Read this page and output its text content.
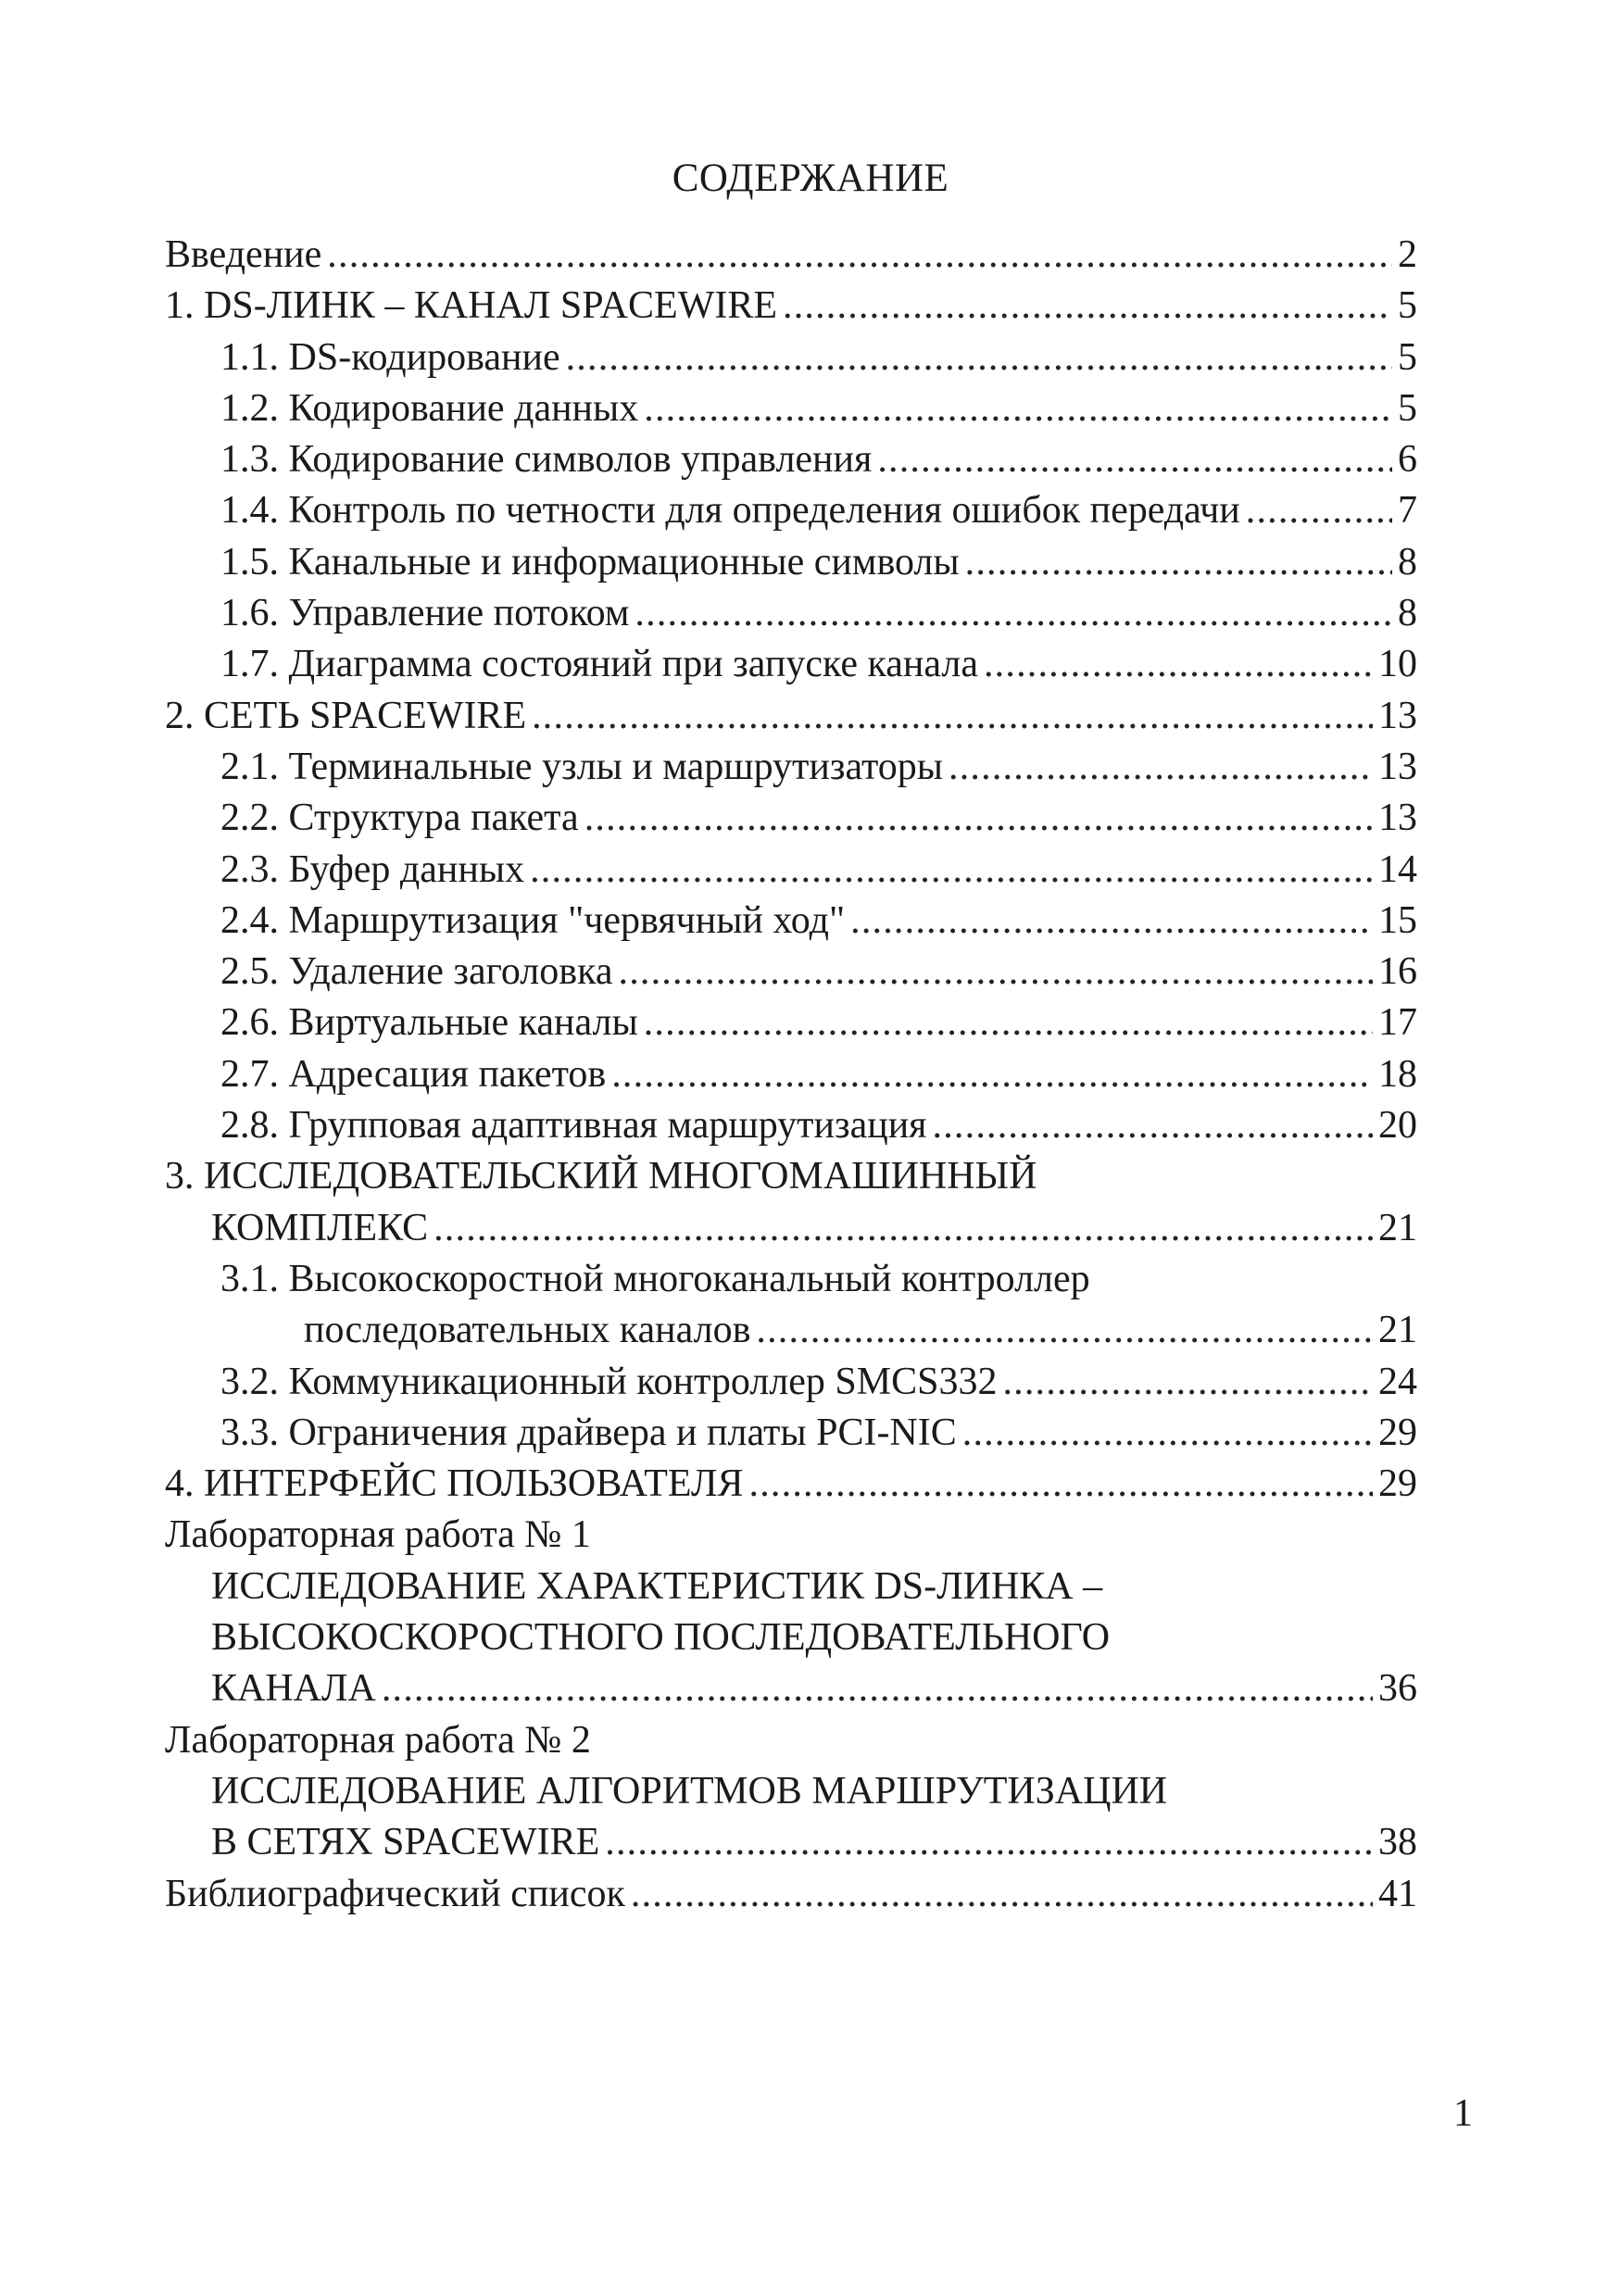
СОДЕРЖАНИЕ
Введение .....	2
1. DS-ЛИНК – КАНАЛ SPACEWIRE .....	5
1.1. DS-кодирование .....	5
1.2. Кодирование данных .....	5
1.3. Кодирование символов управления .....	6
1.4. Контроль по четности для определения ошибок передачи .....	7
1.5. Канальные и информационные символы .....	8
1.6. Управление потоком .....	8
1.7. Диаграмма состояний при запуске канала .....	10
2. СЕТЬ SPACEWIRE .....	13
2.1. Терминальные узлы и маршрутизаторы .....	13
2.2. Структура пакета .....	13
2.3. Буфер данных .....	14
2.4. Маршрутизация "червячный ход" .....	15
2.5. Удаление заголовка .....	16
2.6. Виртуальные каналы .....	17
2.7. Адресация пакетов .....	18
2.8. Групповая адаптивная маршрутизация .....	20
3. ИССЛЕДОВАТЕЛЬСКИЙ МНОГОМАШИННЫЙ
КОМПЛЕКС .....	21
3.1. Высокоскоростной многоканальный контроллер
последовательных каналов .....	21
3.2. Коммуникационный контроллер SMCS332 .....	24
3.3. Ограничения драйвера и платы PCI-NIC .....	29
4. ИНТЕРФЕЙС ПОЛЬЗОВАТЕЛЯ .....	29
Лабораторная работа № 1
ИССЛЕДОВАНИЕ ХАРАКТЕРИСТИК DS-ЛИНКА –
ВЫСОКОСКОРОСТНОГО ПОСЛЕДОВАТЕЛЬНОГО
КАНАЛА .....	36
Лабораторная работа № 2
ИССЛЕДОВАНИЕ АЛГОРИТМОВ МАРШРУТИЗАЦИИ
В СЕТЯХ SPACEWIRE .....	38
Библиографический список .....	41
1
